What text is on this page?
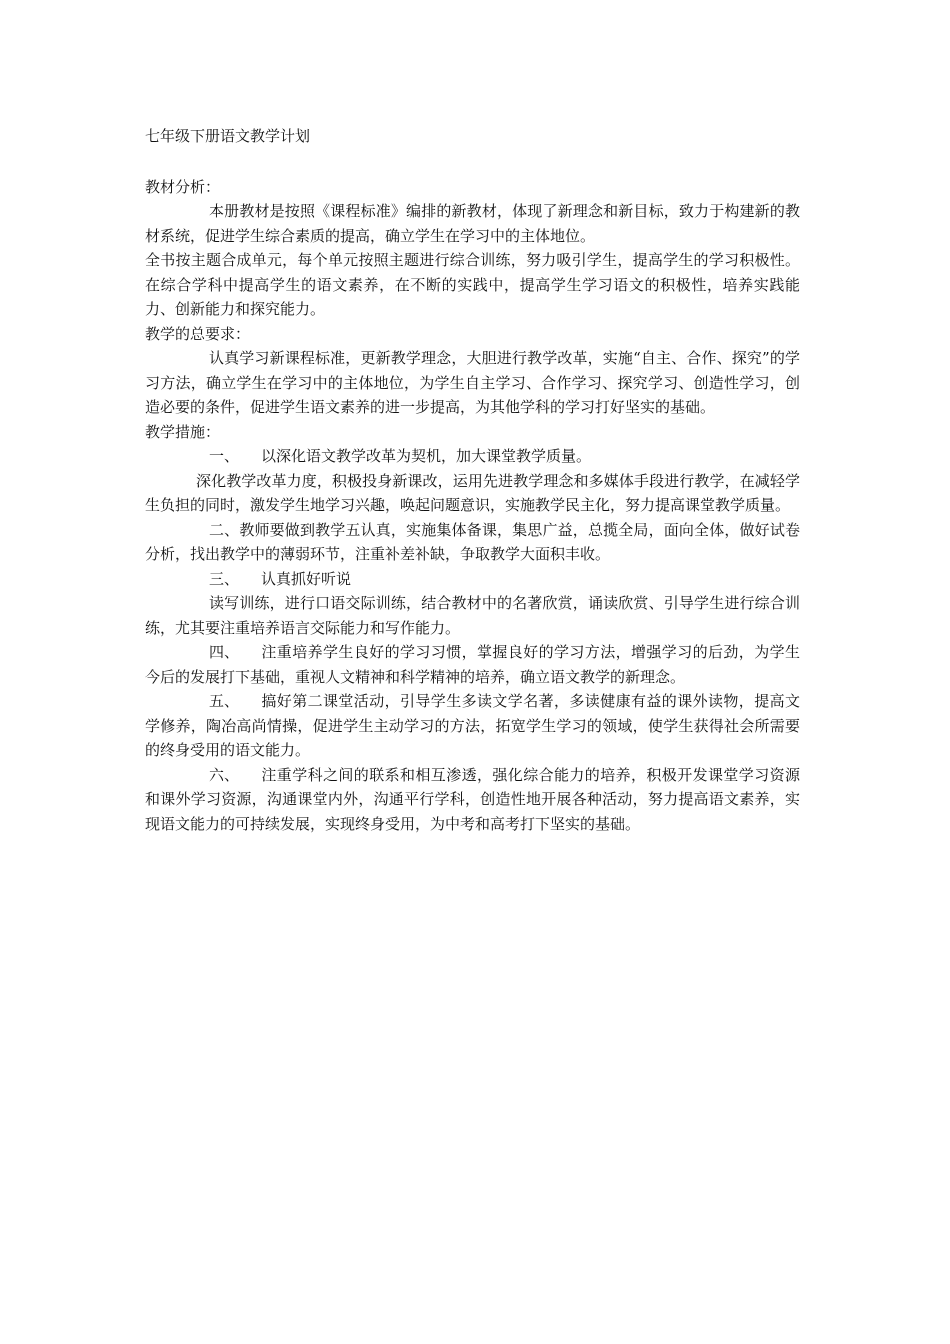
七年级下册语文教学计划

教材分析：

本册教材是按照《课程标准》编排的新教材，体现了新理念和新目标，致力于构建新的教材系统，促进学生综合素质的提高，确立学生在学习中的主体地位。

全书按主题合成单元，每个单元按照主题进行综合训练，努力吸引学生，提高学生的学习积极性。在综合学科中提高学生的语文素养，在不断的实践中，提高学生学习语文的积极性，培养实践能力、创新能力和探究能力。

教学的总要求：

认真学习新课程标准，更新教学理念，大胆进行教学改革，实施“自主、合作、探究”的学习方法，确立学生在学习中的主体地位，为学生自主学习、合作学习、探究学习、创造性学习，创造必要的条件，促进学生语文素养的进一步提高，为其他学科的学习打好坚实的基础。

教学措施：

一、 以深化语文教学改革为契机，加大课堂教学质量。

深化教学改革力度，积极投身新课改，运用先进教学理念和多媒体手段进行教学，在减轻学生负担的同时，激发学生地学习兴趣，唤起问题意识，实施教学民主化，努力提高课堂教学质量。

二、教师要做到教学五认真，实施集体备课，集思广益，总揽全局，面向全体，做好试卷分析，找出教学中的薄弱环节，注重补差补缺，争取教学大面积丰收。

三、 认真抓好听说

读写训练，进行口语交际训练，结合教材中的名著欣赏，诵读欣赏、引导学生进行综合训练，尤其要注重培养语言交际能力和写作能力。

四、 注重培养学生良好的学习习惯，掌握良好的学习方法，增强学习的后劲，为学生今后的发展打下基础，重视人文精神和科学精神的培养，确立语文教学的新理念。

五、 搞好第二课堂活动，引导学生多读文学名著，多读健康有益的课外读物，提高文学修养，陶冶高尚情操，促进学生主动学习的方法，拓宽学生学习的领域，使学生获得社会所需要的终身受用的语文能力。

六、 注重学科之间的联系和相互渗透，强化综合能力的培养，积极开发课堂学习资源和课外学习资源，沟通课堂内外，沟通平行学科，创造性地开展各种活动，努力提高语文素养，实现语文能力的可持续发展，实现终身受用，为中考和高考打下坚实的基础。
